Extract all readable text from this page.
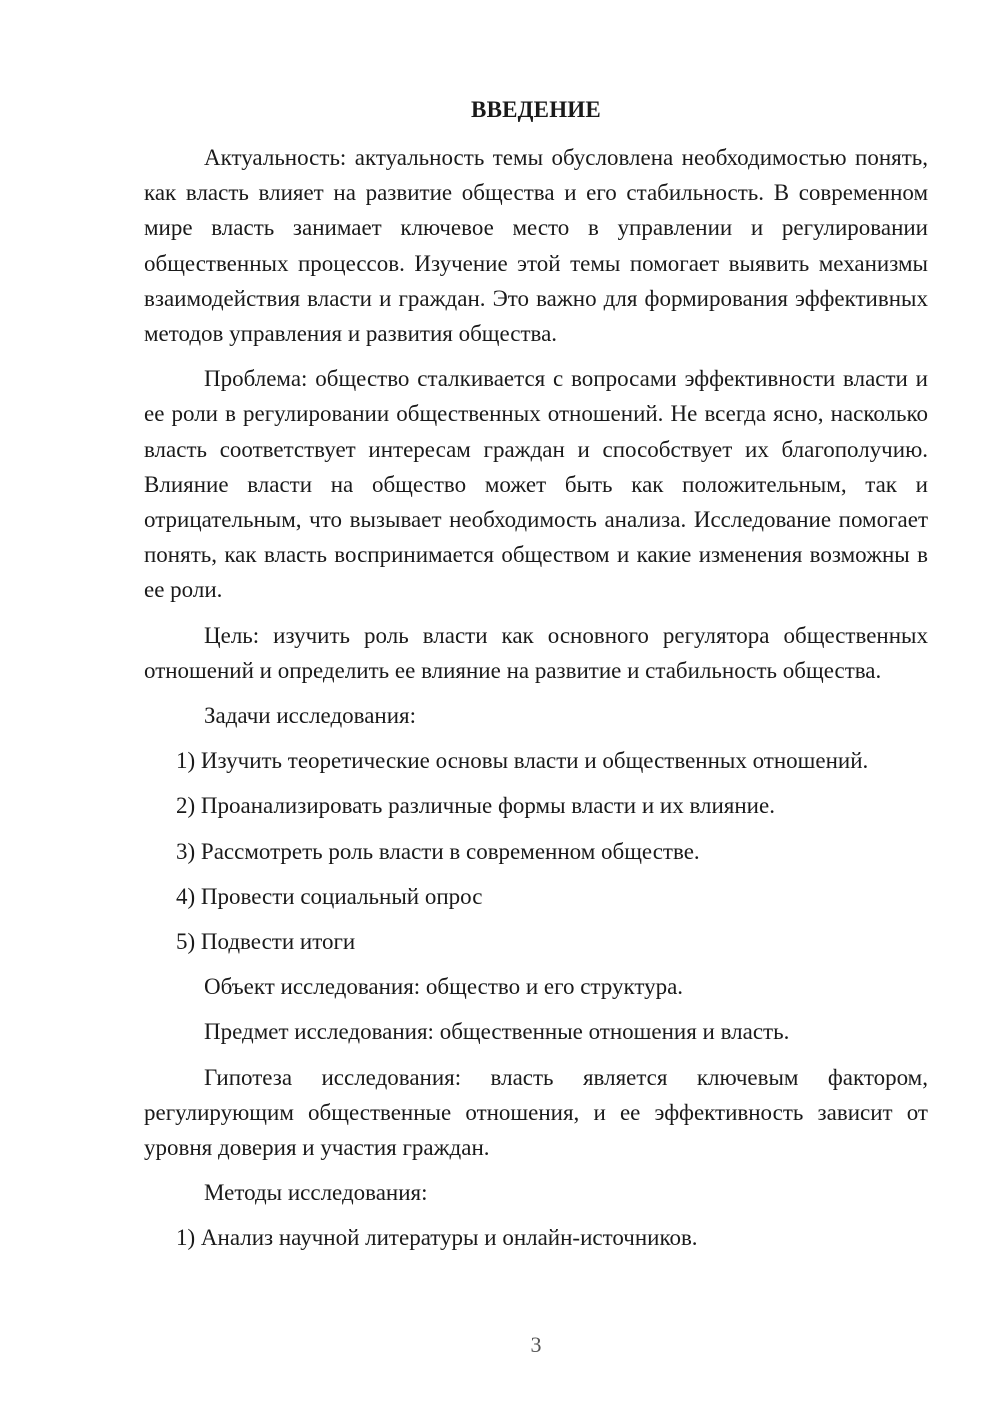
ВВЕДЕНИЕ

Актуальность: актуальность темы обусловлена необходимостью понять, как власть влияет на развитие общества и его стабильность. В современном мире власть занимает ключевое место в управлении и регулировании общественных процессов. Изучение этой темы помогает выявить механизмы взаимодействия власти и граждан. Это важно для формирования эффективных методов управления и развития общества.

Проблема: общество сталкивается с вопросами эффективности власти и ее роли в регулировании общественных отношений. Не всегда ясно, насколько власть соответствует интересам граждан и способствует их благополучию. Влияние власти на общество может быть как положительным, так и отрицательным, что вызывает необходимость анализа. Исследование помогает понять, как власть воспринимается обществом и какие изменения возможны в ее роли.

Цель: изучить роль власти как основного регулятора общественных отношений и определить ее влияние на развитие и стабильность общества.

Задачи исследования:

1) Изучить теоретические основы власти и общественных отношений.

2) Проанализировать различные формы власти и их влияние.

3) Рассмотреть роль власти в современном обществе.

4) Провести социальный опрос

5) Подвести итоги

Объект исследования: общество и его структура.

Предмет исследования: общественные отношения и власть.

Гипотеза исследования: власть является ключевым фактором, регулирующим общественные отношения, и ее эффективность зависит от уровня доверия и участия граждан.

Методы исследования:

1) Анализ научной литературы и онлайн-источников.

3
